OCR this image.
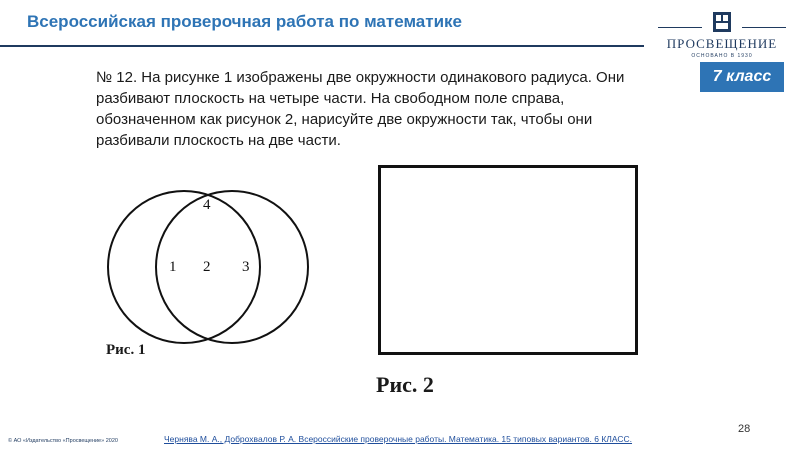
Всероссийская проверочная работа по математике
ПРОСВЕЩЕНИЕ
ОСНОВАНО В 1930
7 класс
№ 12. На рисунке 1 изображены две окружности одинакового радиуса. Они разбивают плоскость на четыре части. На свободном поле справа, обозначенном как рисунок 2, нарисуйте две окружности так, чтобы они разбивали плоскость на две части.
1 2 3
4
Рис. 1
Рис. 2
28
Чернява М. А., Доброхвалов Р. А. Всероссийские проверочные работы. Математика. 15 типовых вариантов. 6 КЛАСС.
© АО «Издательство «Просвещение» 2020
